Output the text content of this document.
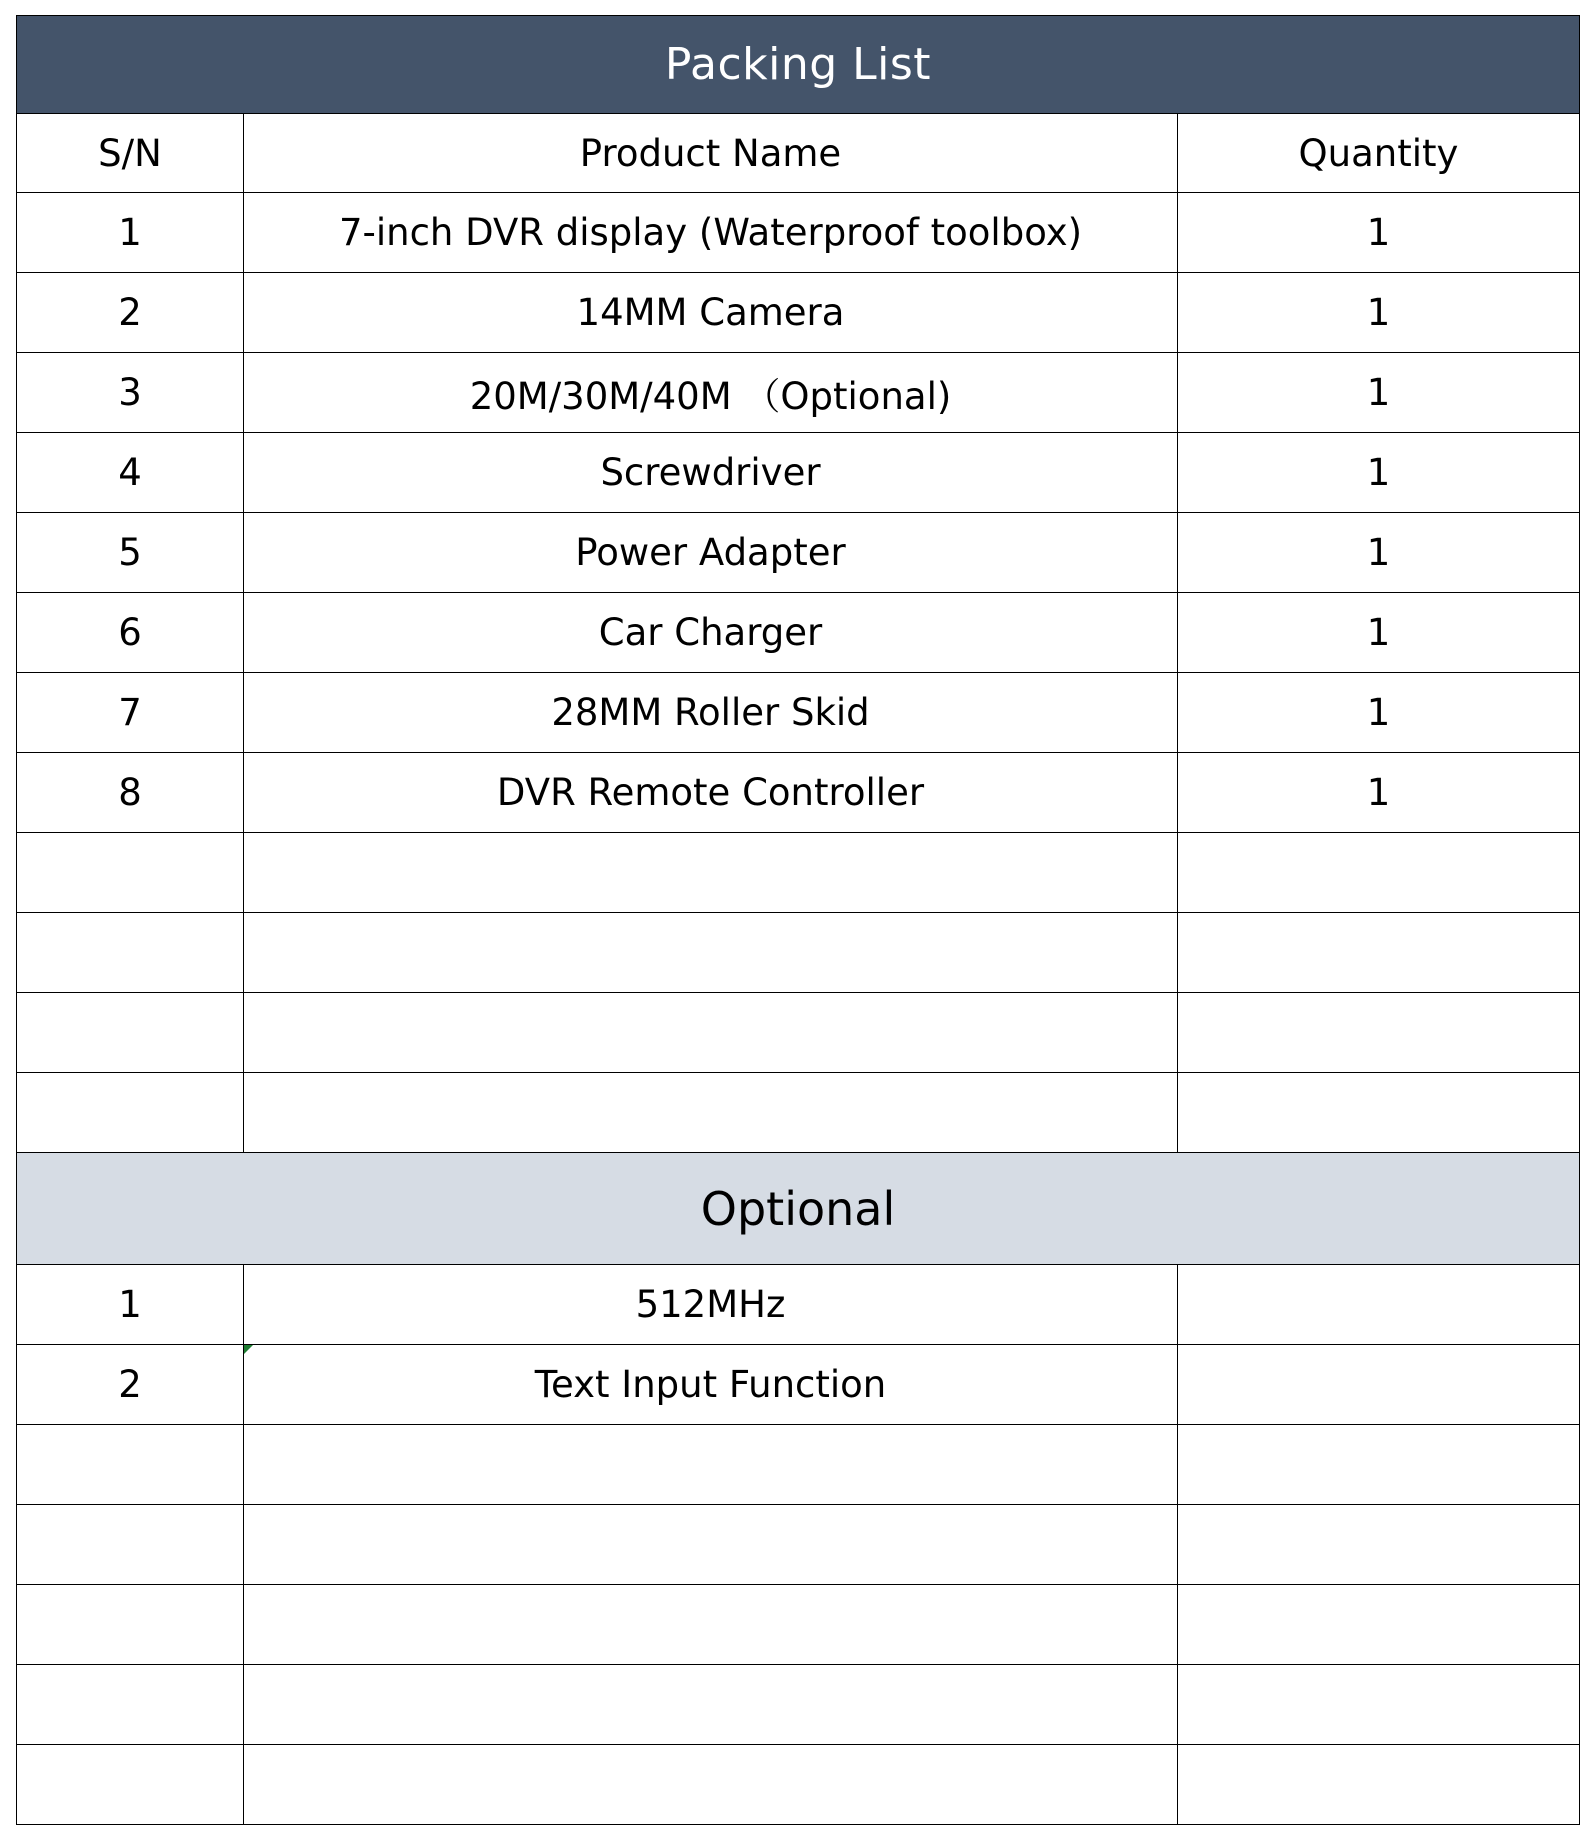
Packing List		
S/N	Product Name	Quantity
1	7-inch DVR display (Waterproof toolbox)	1
2	14MM Camera	1
3	20M/30M/40M （Optional)	1
4	Screwdriver	1
5	Power Adapter	1
6	Car Charger	1
7	28MM Roller Skid	1
8	DVR Remote Controller	1

Optional		
1	512MHz	
2	Text Input Function	
